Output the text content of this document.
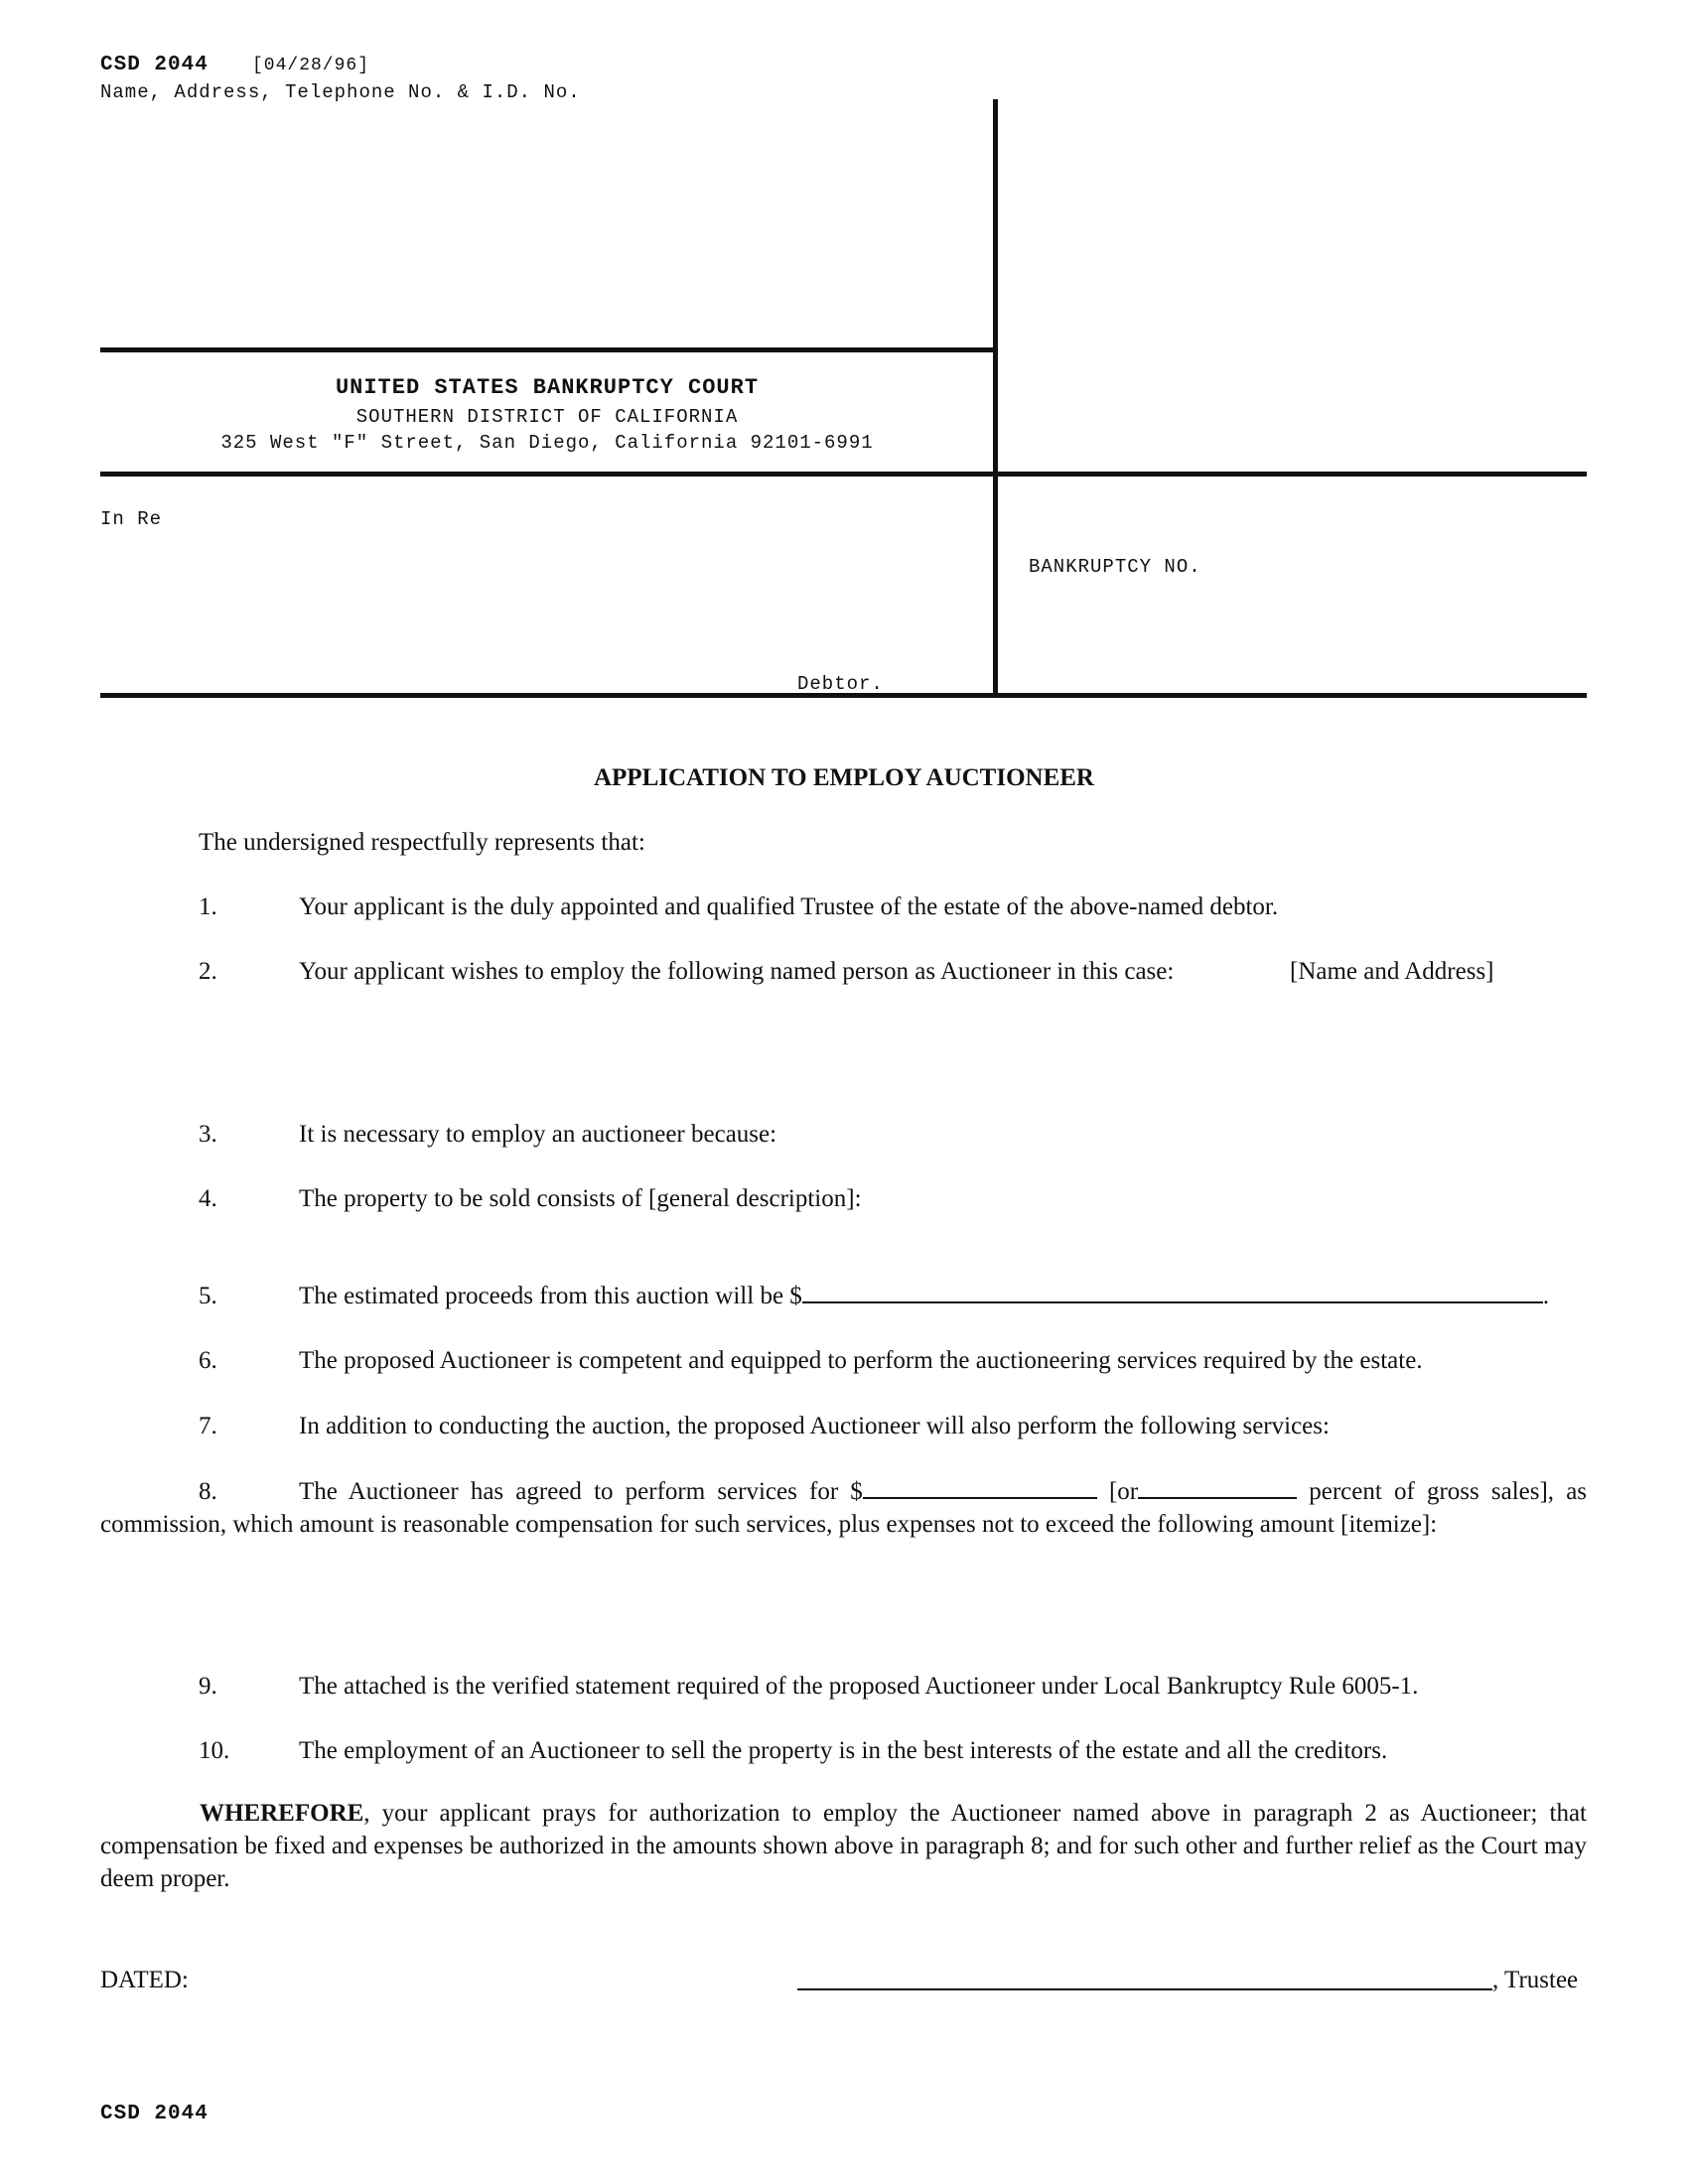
CSD 2044 [04/28/96]
Name, Address, Telephone No. & I.D. No.
UNITED STATES BANKRUPTCY COURT
SOUTHERN DISTRICT OF CALIFORNIA
325 West "F" Street, San Diego, California 92101-6991
In Re
Debtor.
BANKRUPTCY NO.
APPLICATION TO EMPLOY AUCTIONEER
The undersigned respectfully represents that:
1.	Your applicant is the duly appointed and qualified Trustee of the estate of the above-named debtor.
2.	Your applicant wishes to employ the following named person as Auctioneer in this case:	[Name and Address]
3.	It is necessary to employ an auctioneer because:
4.	The property to be sold consists of [general description]:
5.	The estimated proceeds from this auction will be $	.
6.	The proposed Auctioneer is competent and equipped to perform the auctioneering services required by the estate.
7.	In addition to conducting the auction, the proposed Auctioneer will also perform the following services:
8.	The Auctioneer has agreed to perform services for $	[or	percent of gross sales], as commission, which amount is reasonable compensation for such services, plus expenses not to exceed the following amount [itemize]:
9.	The attached is the verified statement required of the proposed Auctioneer under Local Bankruptcy Rule 6005-1.
10.	The employment of an Auctioneer to sell the property is in the best interests of the estate and all the creditors.
WHEREFORE, your applicant prays for authorization to employ the Auctioneer named above in paragraph 2 as Auctioneer; that compensation be fixed and expenses be authorized in the amounts shown above in paragraph 8; and for such other and further relief as the Court may deem proper.
DATED:	, Trustee
CSD 2044
